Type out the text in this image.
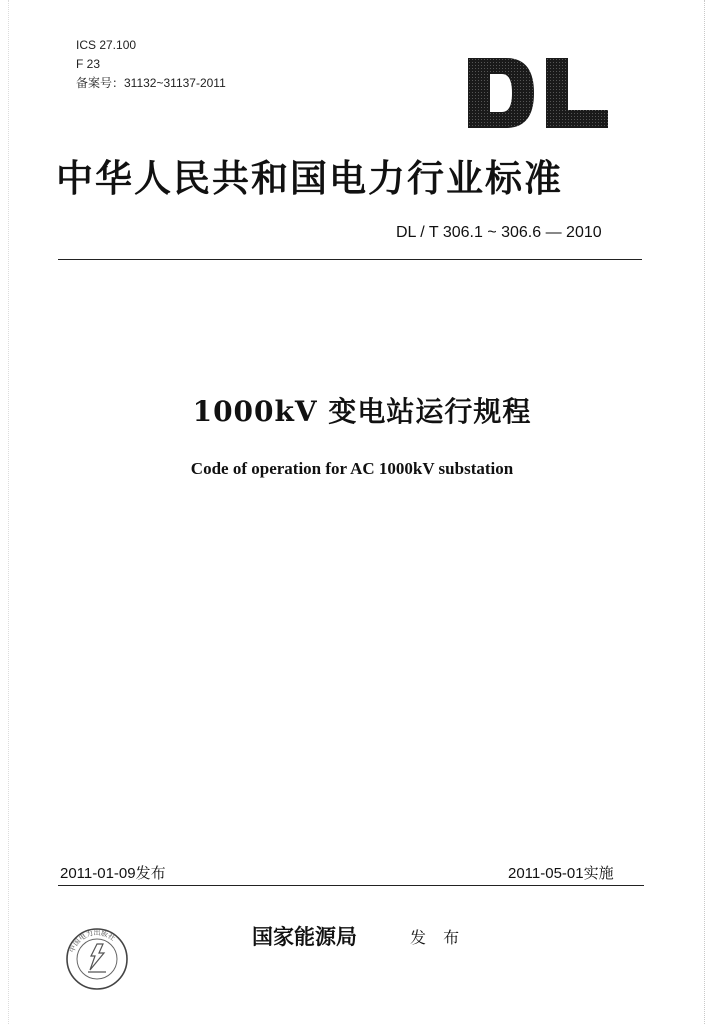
ICS 27.100
F 23
备案号：31132~31137-2011
中华人民共和国电力行业标准
DL / T 306.1 ~ 306.6 — 2010
1000kV 变电站运行规程
Code of operation for AC 1000kV substation
2011-01-09发布	2011-05-01实施
中国电力出版社	国家能源局	发 布
